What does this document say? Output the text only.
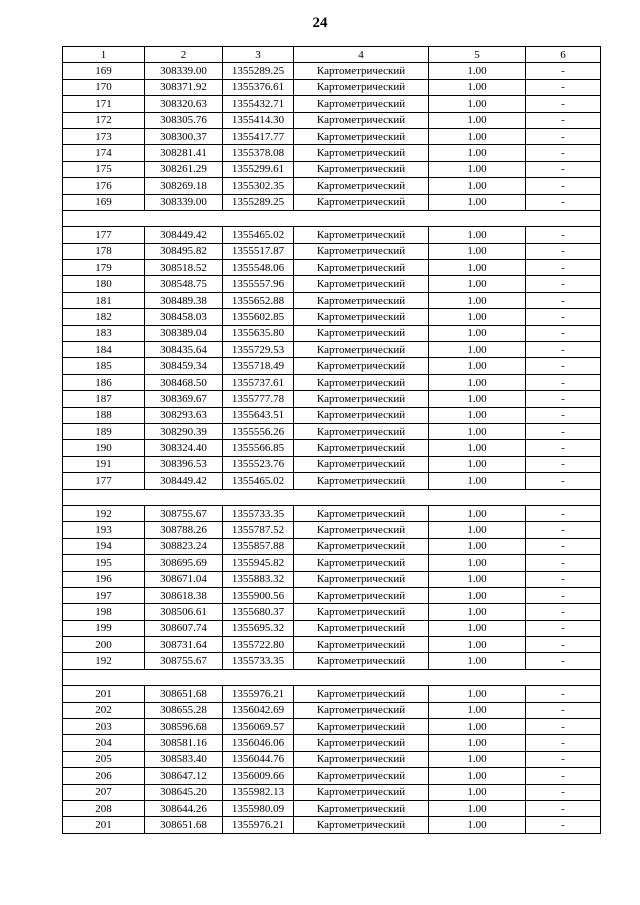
24
1	2	3	4	5	6
169	308339.00	1355289.25	Картометрический	1.00	-
170	308371.92	1355376.61	Картометрический	1.00	-
171	308320.63	1355432.71	Картометрический	1.00	-
172	308305.76	1355414.30	Картометрический	1.00	-
173	308300.37	1355417.77	Картометрический	1.00	-
174	308281.41	1355378.08	Картометрический	1.00	-
175	308261.29	1355299.61	Картометрический	1.00	-
176	308269.18	1355302.35	Картометрический	1.00	-
169	308339.00	1355289.25	Картометрический	1.00	-

177	308449.42	1355465.02	Картометрический	1.00	-
178	308495.82	1355517.87	Картометрический	1.00	-
179	308518.52	1355548.06	Картометрический	1.00	-
180	308548.75	1355557.96	Картометрический	1.00	-
181	308489.38	1355652.88	Картометрический	1.00	-
182	308458.03	1355602.85	Картометрический	1.00	-
183	308389.04	1355635.80	Картометрический	1.00	-
184	308435.64	1355729.53	Картометрический	1.00	-
185	308459.34	1355718.49	Картометрический	1.00	-
186	308468.50	1355737.61	Картометрический	1.00	-
187	308369.67	1355777.78	Картометрический	1.00	-
188	308293.63	1355643.51	Картометрический	1.00	-
189	308290.39	1355556.26	Картометрический	1.00	-
190	308324.40	1355566.85	Картометрический	1.00	-
191	308396.53	1355523.76	Картометрический	1.00	-
177	308449.42	1355465.02	Картометрический	1.00	-

192	308755.67	1355733.35	Картометрический	1.00	-
193	308788.26	1355787.52	Картометрический	1.00	-
194	308823.24	1355857.88	Картометрический	1.00	-
195	308695.69	1355945.82	Картометрический	1.00	-
196	308671.04	1355883.32	Картометрический	1.00	-
197	308618.38	1355900.56	Картометрический	1.00	-
198	308506.61	1355680.37	Картометрический	1.00	-
199	308607.74	1355695.32	Картометрический	1.00	-
200	308731.64	1355722.80	Картометрический	1.00	-
192	308755.67	1355733.35	Картометрический	1.00	-

201	308651.68	1355976.21	Картометрический	1.00	-
202	308655.28	1356042.69	Картометрический	1.00	-
203	308596.68	1356069.57	Картометрический	1.00	-
204	308581.16	1356046.06	Картометрический	1.00	-
205	308583.40	1356044.76	Картометрический	1.00	-
206	308647.12	1356009.66	Картометрический	1.00	-
207	308645.20	1355982.13	Картометрический	1.00	-
208	308644.26	1355980.09	Картометрический	1.00	-
201	308651.68	1355976.21	Картометрический	1.00	-
